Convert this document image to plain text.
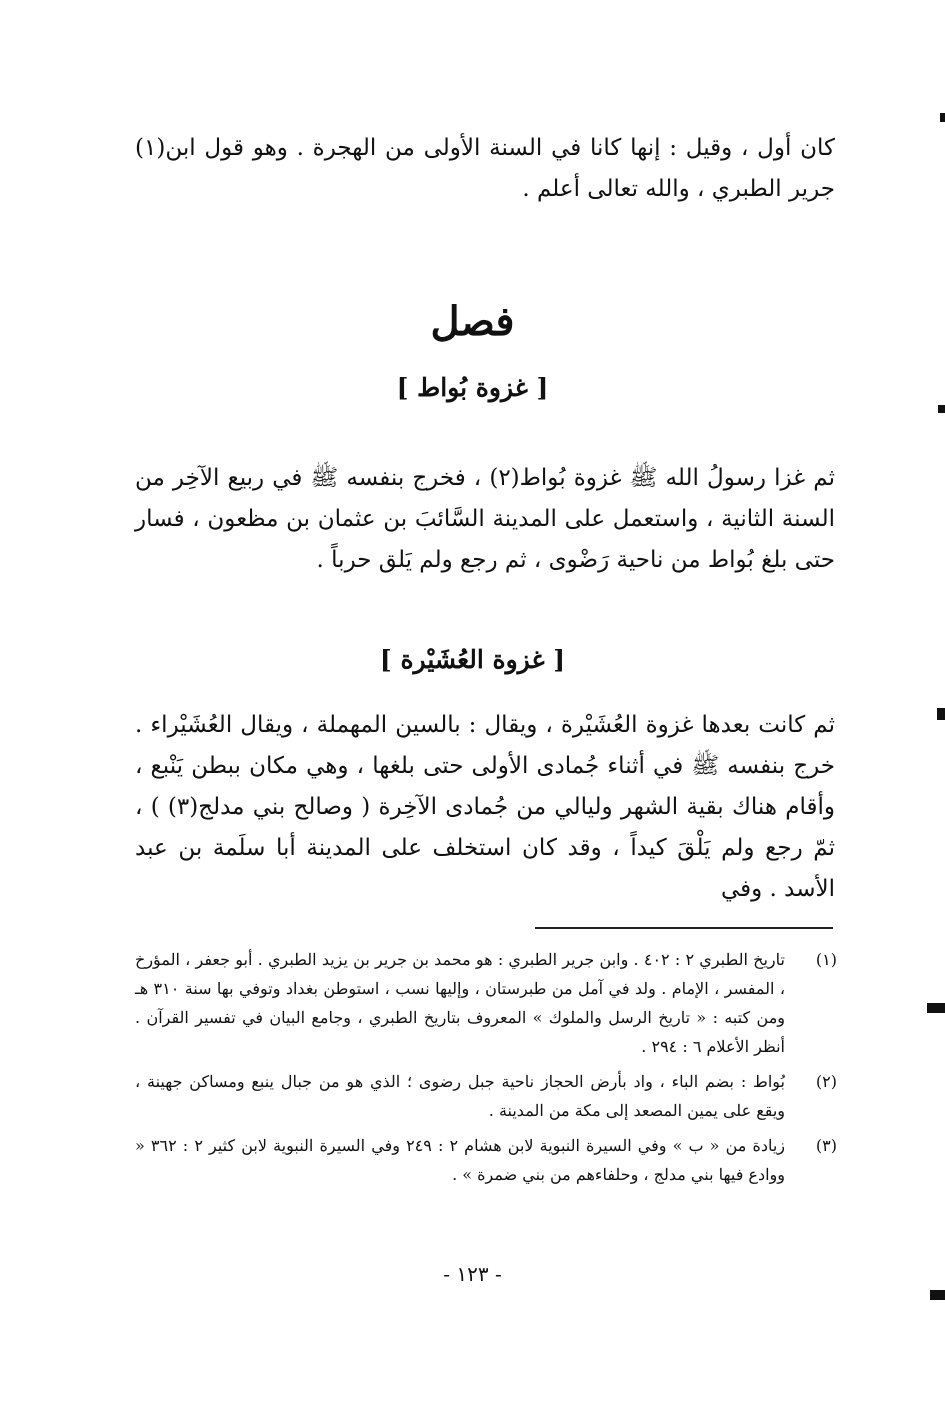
كان أول ، وقيل : إنها كانا في السنة الأولى من الهجرة . وهو قول ابن(١) جرير الطبري ، والله تعالى أعلم .
فصل
[ غزوة بُواط ]
ثم غزا رسولُ الله ﷺ غزوة بُواط(٢) ، فخرج بنفسه ﷺ في ربيع الآخِر من السنة الثانية ، واستعمل على المدينة السَّائبَ بن عثمان بن مظعون ، فسار حتى بلغ بُواط من ناحية رَضْوى ، ثم رجع ولم يَلق حرباً .
[ غزوة العُشَيْرة ]
ثم كانت بعدها غزوة العُشَيْرة ، ويقال : بالسين المهملة ، ويقال العُشَيْراء . خرج بنفسه ﷺ في أثناء جُمادى الأولى حتى بلغها ، وهي مكان ببطن يَنْبع ، وأقام هناك بقية الشهر وليالي من جُمادى الآخِرة ( وصالح بني مدلج(٣) ) ، ثمّ رجع ولم يَلْقَ كيداً ، وقد كان استخلف على المدينة أبا سلَمة بن عبد الأسد . وفي
(١)
تاريخ الطبري ٢ : ٤٠٢ . وابن جرير الطبري : هو محمد بن جرير بن يزيد الطبري . أبو جعفر ، المؤرخ ، المفسر ، الإمام . ولد في آمل من طبرستان ، وإليها نسب ، استوطن بغداد وتوفي بها سنة ٣١٠ هـ ومن كتبه : « تاريخ الرسل والملوك » المعروف بتاريخ الطبري ، وجامع البيان في تفسير القرآن . أنظر الأعلام ٦ : ٢٩٤ .
(٢)
بُواط : بضم الباء ، واد بأرض الحجاز ناحية جبل رضوى ؛ الذي هو من جبال ينبع ومساكن جهينة ، ويقع على يمين المصعد إلى مكة من المدينة .
(٣)
زيادة من « ب » وفي السيرة النبوية لابن هشام ٢ : ٢٤٩ وفي السيرة النبوية لابن كثير ٢ : ٣٦٢ « ووادع فيها بني مدلج ، وحلفاءهم من بني ضمرة » .
- ١٢٣ -
